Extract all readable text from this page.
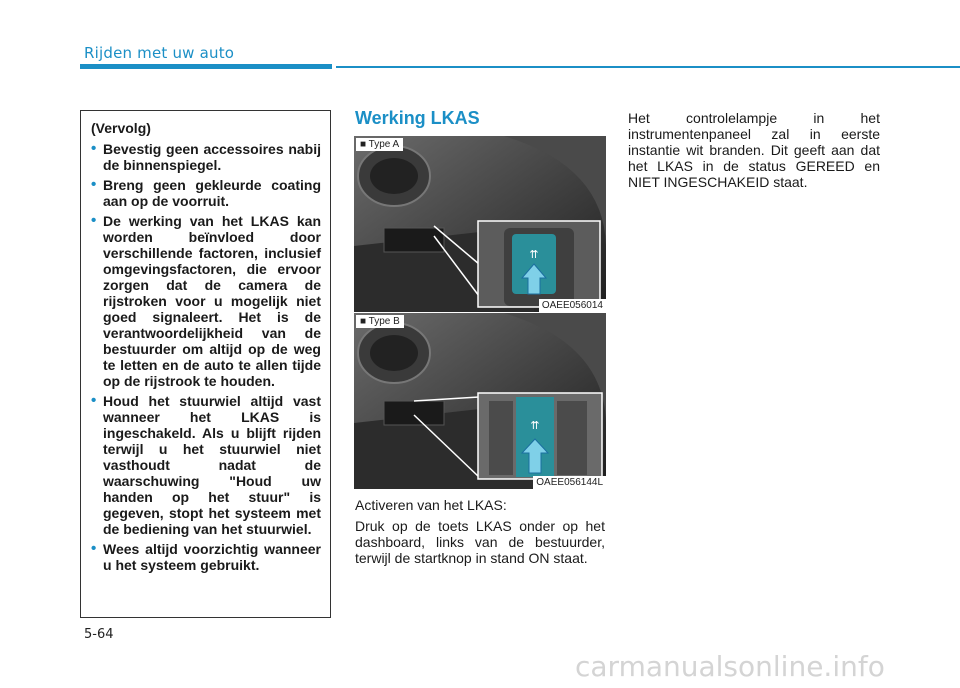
Rijden met uw auto
(Vervolg)
• Bevestig geen accessoires nabij de binnenspiegel.
• Breng geen gekleurde coating aan op de voorruit.
• De werking van het LKAS kan worden beïnvloed door verschillende factoren, inclusief omgevingsfactoren, die ervoor zorgen dat de camera de rijstroken voor u mogelijk niet goed signaleert. Het is de verantwoordelijkheid van de bestuurder om altijd op de weg te letten en de auto te allen tijde op de rijstrook te houden.
• Houd het stuurwiel altijd vast wanneer het LKAS is ingeschakeld. Als u blijft rijden terwijl u het stuurwiel niet vasthoudt nadat de waarschuwing "Houd uw handen op het stuur" is gegeven, stopt het systeem met de bediening van het stuurwiel.
• Wees altijd voorzichtig wanneer u het systeem gebruikt.
Werking LKAS
⇈
■ Type A
OAEE056014
⇈
■ Type B
OAEE056144L
Activeren van het LKAS:
Druk op de toets LKAS onder op het dashboard, links van de bestuurder, terwijl de startknop in stand ON staat.
Het controlelampje in het instrumentenpaneel zal in eerste instantie wit branden. Dit geeft aan dat het LKAS in de status GEREED en NIET INGESCHAKEID staat.
5-64
carmanualsonline.info
